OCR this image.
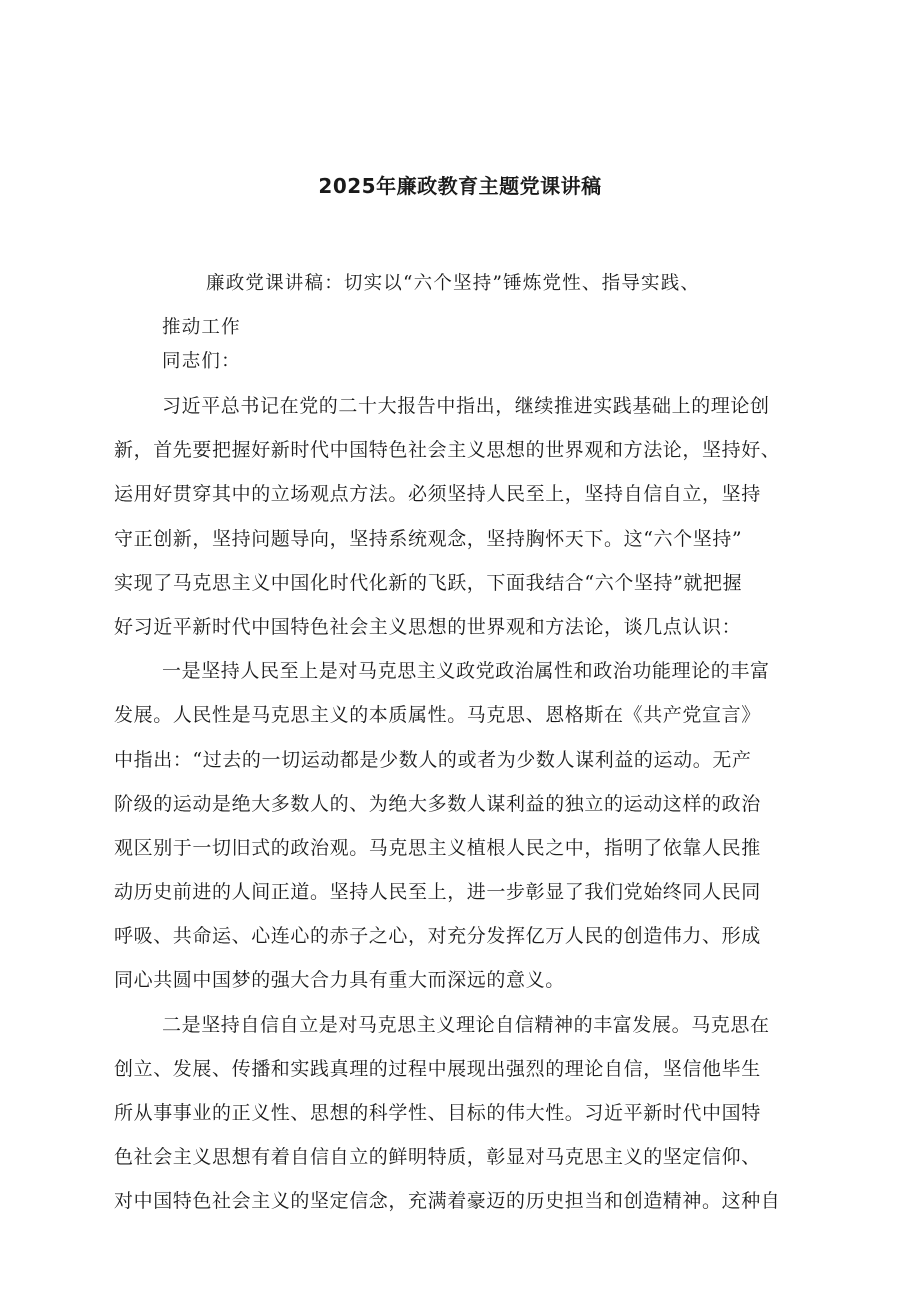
2025年廉政教育主题党课讲稿
廉政党课讲稿：切实以“六个坚持”锤炼党性、指导实践、
推动工作
同志们：
习近平总书记在党的二十大报告中指出，继续推进实践基础上的理论创
新，首先要把握好新时代中国特色社会主义思想的世界观和方法论，坚持好、
运用好贯穿其中的立场观点方法。必须坚持人民至上，坚持自信自立，坚持
守正创新，坚持问题导向，坚持系统观念，坚持胸怀天下。这“六个坚持”
实现了马克思主义中国化时代化新的飞跃，下面我结合“六个坚持”就把握
好习近平新时代中国特色社会主义思想的世界观和方法论，谈几点认识：
一是坚持人民至上是对马克思主义政党政治属性和政治功能理论的丰富
发展。人民性是马克思主义的本质属性。马克思、恩格斯在《共产党宣言》
中指出：“过去的一切运动都是少数人的或者为少数人谋利益的运动。无产
阶级的运动是绝大多数人的、为绝大多数人谋利益的独立的运动这样的政治
观区别于一切旧式的政治观。马克思主义植根人民之中，指明了依靠人民推
动历史前进的人间正道。坚持人民至上，进一步彰显了我们党始终同人民同
呼吸、共命运、心连心的赤子之心，对充分发挥亿万人民的创造伟力、形成
同心共圆中国梦的强大合力具有重大而深远的意义。
二是坚持自信自立是对马克思主义理论自信精神的丰富发展。马克思在
创立、发展、传播和实践真理的过程中展现出强烈的理论自信，坚信他毕生
所从事事业的正义性、思想的科学性、目标的伟大性。习近平新时代中国特
色社会主义思想有着自信自立的鲜明特质，彰显对马克思主义的坚定信仰、
对中国特色社会主义的坚定信念，充满着豪迈的历史担当和创造精神。这种自
